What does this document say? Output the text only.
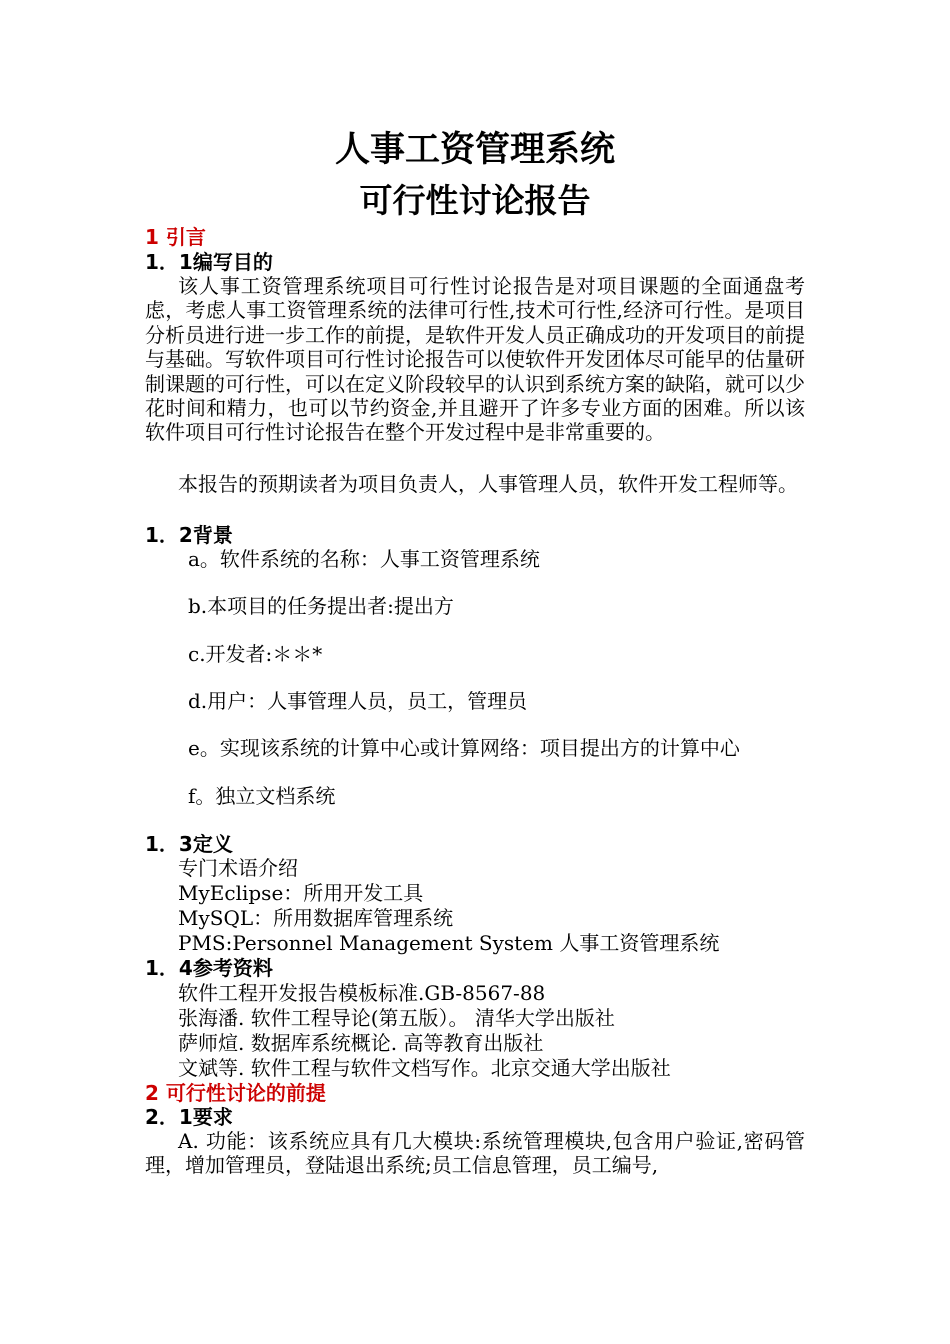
人事工资管理系统
可行性讨论报告
1 引言
1．1编写目的
该人事工资管理系统项目可行性讨论报告是对项目课题的全面通盘考虑，考虑人事工资管理系统的法律可行性,技术可行性,经济可行性。是项目分析员进行进一步工作的前提，是软件开发人员正确成功的开发项目的前提与基础。写软件项目可行性讨论报告可以使软件开发团体尽可能早的估量研制课题的可行性，可以在定义阶段较早的认识到系统方案的缺陷，就可以少花时间和精力，也可以节约资金,并且避开了许多专业方面的困难。所以该软件项目可行性讨论报告在整个开发过程中是非常重要的。
本报告的预期读者为项目负责人，人事管理人员，软件开发工程师等。
1．2背景
a。软件系统的名称：人事工资管理系统
b.本项目的任务提出者:提出方
c.开发者:＊＊*
d.用户：人事管理人员，员工，管理员
e。实现该系统的计算中心或计算网络：项目提出方的计算中心
f。独立文档系统
1．3定义
专门术语介绍
MyEclipse：所用开发工具
MySQL：所用数据库管理系统
PMS:Personnel Management System 人事工资管理系统
1．4参考资料
软件工程开发报告模板标准.GB-8567-88
张海潘. 软件工程导论(第五版）。 清华大学出版社
萨师煊. 数据库系统概论. 高等教育出版社
文斌等. 软件工程与软件文档写作。北京交通大学出版社
2 可行性讨论的前提
2．1要求
A. 功能：该系统应具有几大模块:系统管理模块,包含用户验证,密码管理，增加管理员，登陆退出系统;员工信息管理，员工编号,
